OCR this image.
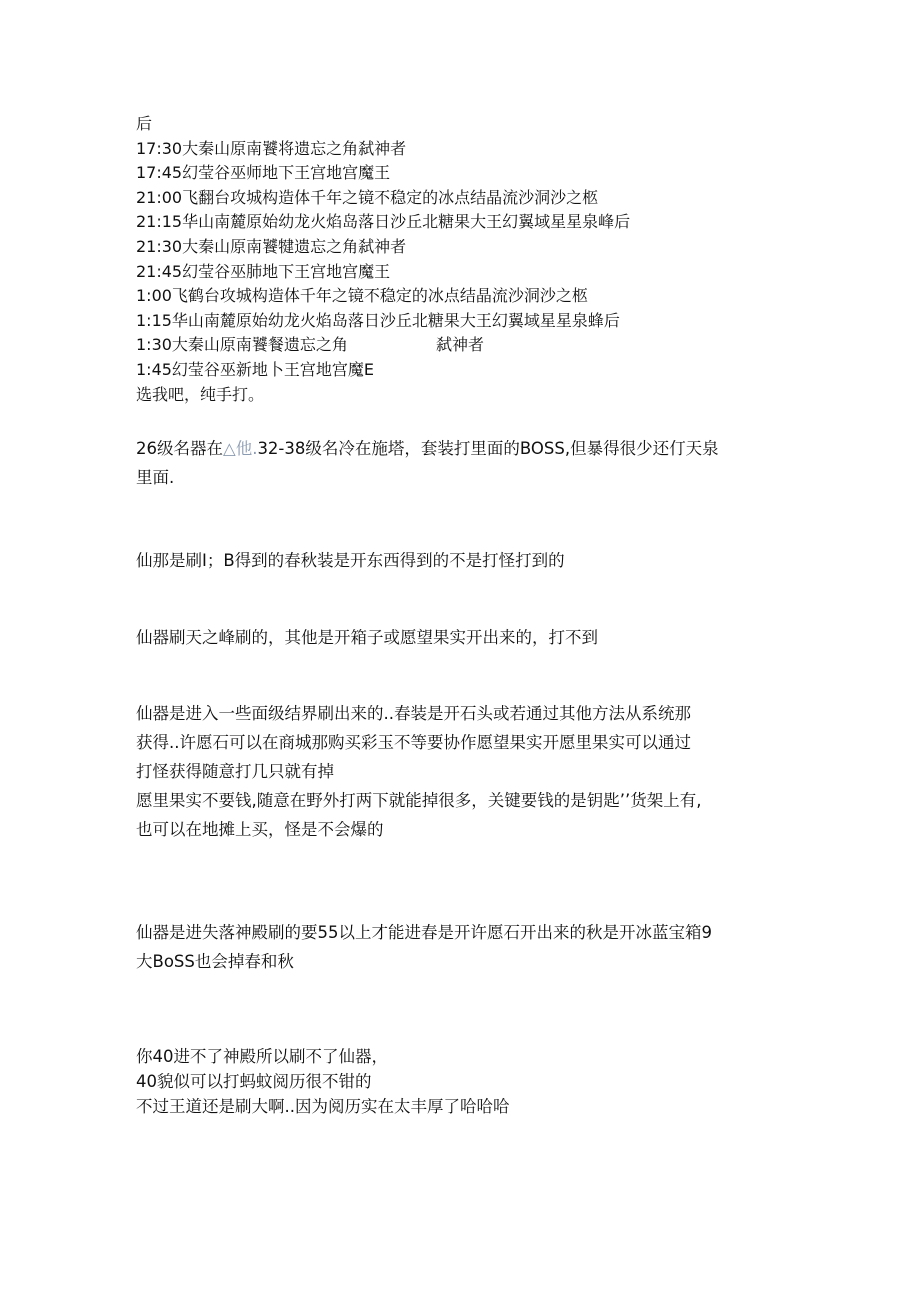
后
17:30大秦山原南饕将遗忘之角弑神者
17:45幻莹谷巫师地下王宫地宫魔王
21:00飞翻台攻城构造体千年之镜不稳定的冰点结晶流沙洞沙之柩
21:15华山南麓原始幼龙火焰岛落日沙丘北糖果大王幻翼域星星泉峰后
21:30大秦山原南饕犍遗忘之角弑神者
21:45幻莹谷巫肺地下王宫地宫魔王
1:00飞鹤台攻城构造体千年之镜不稳定的冰点结晶流沙洞沙之柩
1:15华山南麓原始幼龙火焰岛落日沙丘北糖果大王幻翼域星星泉蜂后
1:30大秦山原南饕餐遗忘之角	弑神者
1:45幻莹谷巫新地卜王宫地宫魔E
选我吧，纯手打。
26级名器在△他.32-38级名冷在施塔，套装打里面的BOSS,但暴得很少还仃天泉
里面.
仙那是刷I；B得到的春秋装是开东西得到的不是打怪打到的
仙器刷天之峰刷的，其他是开箱子或愿望果实开出来的，打不到
仙器是进入一些面级结界刷出来的..春装是开石头或若通过其他方法从系统那
获得..许愿石可以在商城那购买彩玉不等要协作愿望果实开愿里果实可以通过
打怪获得随意打几只就有掉
愿里果实不要钱,随意在野外打两下就能掉很多，关键要钱的是钥匙’’货架上有,
也可以在地摊上买，怪是不会爆的
仙器是进失落神殿刷的要55以上才能进春是开许愿石开出来的秋是开冰蓝宝箱9
大BoSS也会掉春和秋
你40进不了神殿所以刷不了仙器，
40貌似可以打蚂蚊阅历很不钳的
不过王道还是刷大啊..因为阅历实在太丰厚了哈哈哈
